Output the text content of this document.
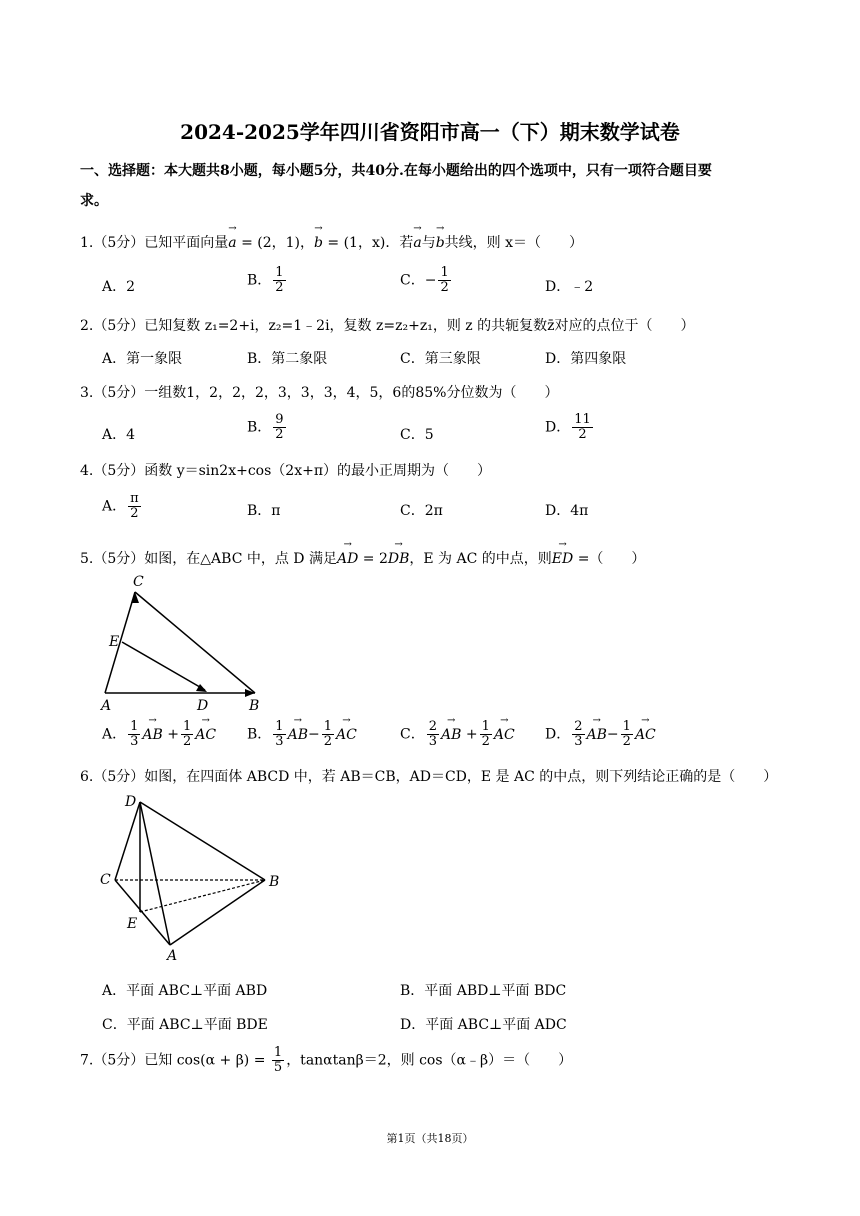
2024-2025学年四川省资阳市高一（下）期末数学试卷
一、选择题：本大题共8小题，每小题5分，共40分.在每小题给出的四个选项中，只有一项符合题目要
求。
1.（5分）已知平面向量→ a = (2，1)，→ b = (1，x)．若→ a与→ b共线，则 x＝（　　）
A．2	B． $\frac{1}{2}$	C．− $\frac{1}{2}$	D．﹣2
2.（5分）已知复数 z₁=2+i，z₂=1﹣2i，复数 z=z₂+z₁，则 z 的共轭复数z̄对应的点位于（　　）
A．第一象限	B．第二象限	C．第三象限	D．第四象限
3.（5分）一组数1，2，2，2，3，3，3，4，5，6的85%分位数为（　　）
A．4	B． $\frac{9}{2}$	C．5	D． $\frac{11}{2}$
4.（5分）函数 y＝sin2x+cos（2x+π）的最小正周期为（　　）
A． $\frac{\pi}{2}$	B．π	C．2π	D．4π
5.（5分）如图，在△ABC 中，点 D 满足→ AD = 2→ DB，E 为 AC 的中点，则→ ED =（　　）
C
E
A	D	B
A． $\frac{1}{3}$
→ AB + $\frac{1}{2}$
→ AC B． $\frac{1}{3}$
→ $AB- \frac{1}{2}$
→ AC	C． $\frac{2}{3}$
→ AB + $\frac{1}{2}$
→ AC D． $\frac{2}{3}$
→ $AB- \frac{1}{2}$
→ AC
6.（5分）如图，在四面体 ABCD 中，若 AB＝CB，AD＝CD，E 是 AC 的中点，则下列结论正确的是（　　）
D
C	B
E
A
A．平面 ABC⊥平面 ABD	B．平面 ABD⊥平面 BDC
C．平面 ABC⊥平面 BDE	D．平面 ABC⊥平面 ADC
7.（5分）已知 $\cos(\alpha + \beta) = \frac{1}{5}$ ，tanαtanβ＝2，则 cos（α﹣β）＝（　　）
第1页（共18页）
